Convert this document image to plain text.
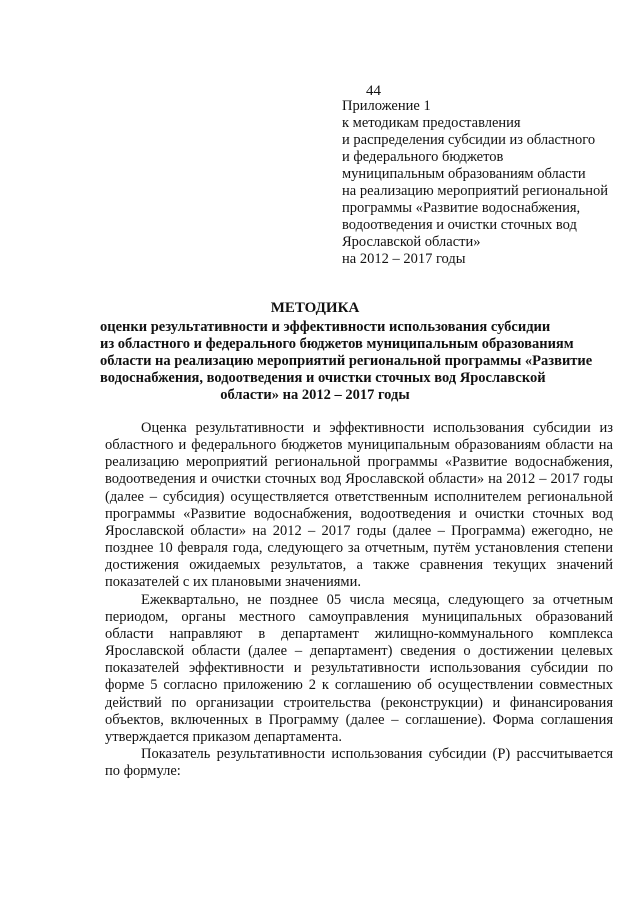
44
Приложение 1
к методикам предоставления
и распределения субсидии из областного
и федерального бюджетов
муниципальным образованиям области
на реализацию мероприятий региональной
программы «Развитие водоснабжения,
водоотведения и очистки сточных вод
Ярославской области»
на 2012 – 2017 годы
МЕТОДИКА
оценки результативности и эффективности использования субсидии
из областного и федерального бюджетов муниципальным образованиям
области на реализацию мероприятий региональной программы «Развитие
водоснабжения, водоотведения и очистки сточных вод Ярославской
области» на 2012 – 2017 годы

Оценка результативности и эффективности использования субсидии из областного и федерального бюджетов муниципальным образованиям области на реализацию мероприятий региональной программы «Развитие водоснабжения, водоотведения и очистки сточных вод Ярославской области» на 2012 – 2017 годы (далее – субсидия) осуществляется ответственным исполнителем региональной программы «Развитие водоснабжения, водоотведения и очистки сточных вод Ярославской области» на 2012 – 2017 годы (далее – Программа) ежегодно, не позднее 10 февраля года, следующего за отчетным, путём установления степени достижения ожидаемых результатов, а также сравнения текущих значений показателей с их плановыми значениями.

Ежеквартально, не позднее 05 числа месяца, следующего за отчетным периодом, органы местного самоуправления муниципальных образований области направляют в департамент жилищно-коммунального комплекса Ярославской области (далее – департамент) сведения о достижении целевых показателей эффективности и результативности использования субсидии по форме 5 согласно приложению 2 к соглашению об осуществлении совместных действий по организации строительства (реконструкции) и финансирования объектов, включенных в Программу (далее – соглашение). Форма соглашения утверждается приказом департамента.

Показатель результативности использования субсидии (Р) рассчитывается по формуле:
